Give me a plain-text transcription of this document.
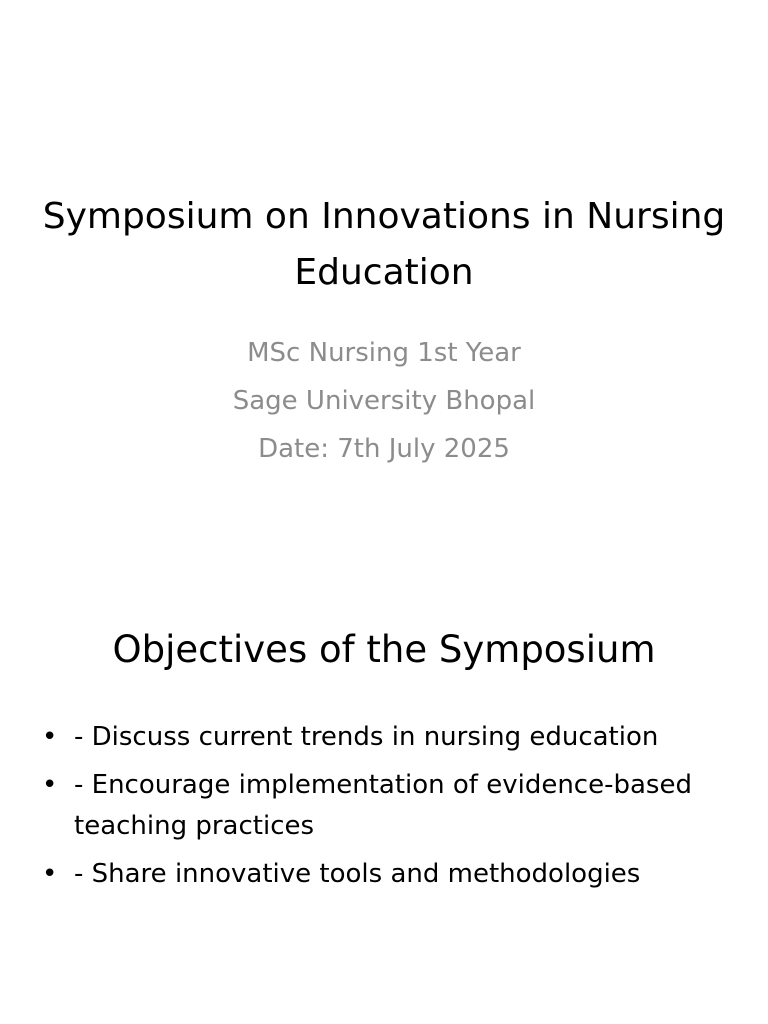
Symposium on Innovations in Nursing Education
MSc Nursing 1st Year
Sage University Bhopal
Date: 7th July 2025
Objectives of the Symposium
• - Discuss current trends in nursing education
• - Encourage implementation of evidence-based teaching practices
• - Share innovative tools and methodologies
